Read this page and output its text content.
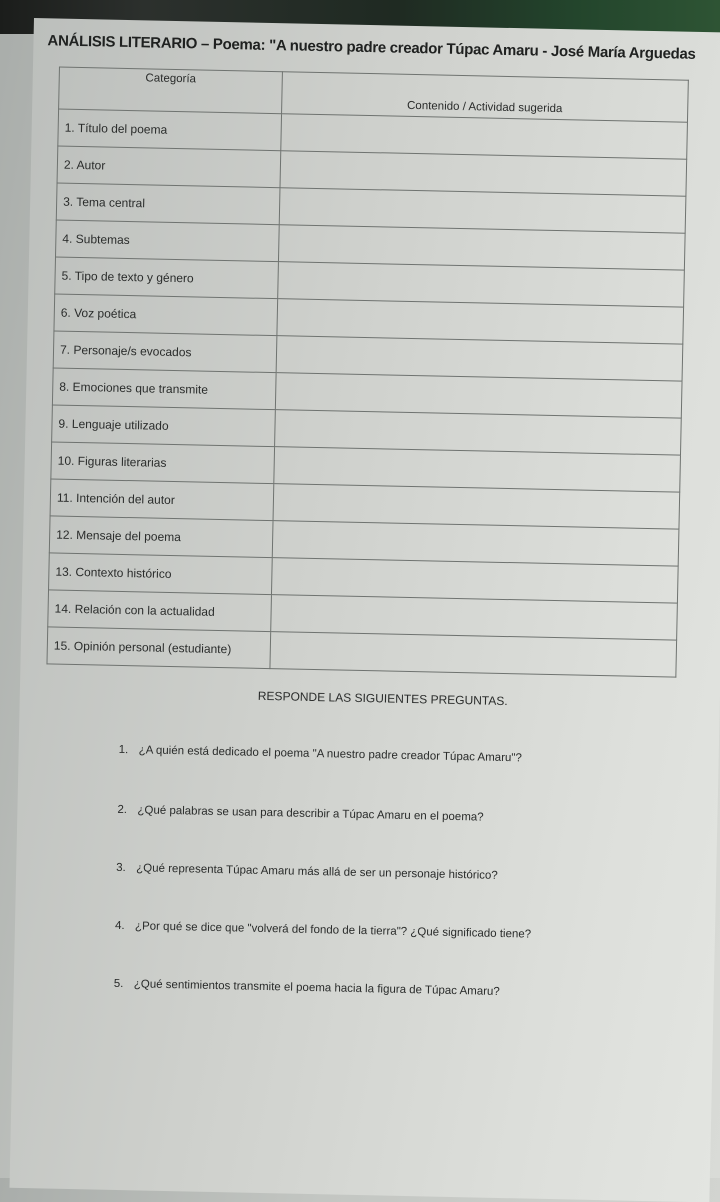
ANÁLISIS LITERARIO – Poema: "A nuestro padre creador Túpac Amaru - José María Arguedas
Categoría	Contenido / Actividad sugerida
1. Título del poema	
2. Autor	
3. Tema central	
4. Subtemas	
5. Tipo de texto y género	
6. Voz poética	
7. Personaje/s evocados	
8. Emociones que transmite	
9. Lenguaje utilizado	
10. Figuras literarias	
11. Intención del autor	
12. Mensaje del poema	
13. Contexto histórico	
14. Relación con la actualidad	
15. Opinión personal (estudiante)	
RESPONDE LAS SIGUIENTES PREGUNTAS.
1. ¿A quién está dedicado el poema "A nuestro padre creador Túpac Amaru"?
2. ¿Qué palabras se usan para describir a Túpac Amaru en el poema?
3. ¿Qué representa Túpac Amaru más allá de ser un personaje histórico?
4. ¿Por qué se dice que "volverá del fondo de la tierra"? ¿Qué significado tiene?
5. ¿Qué sentimientos transmite el poema hacia la figura de Túpac Amaru?
